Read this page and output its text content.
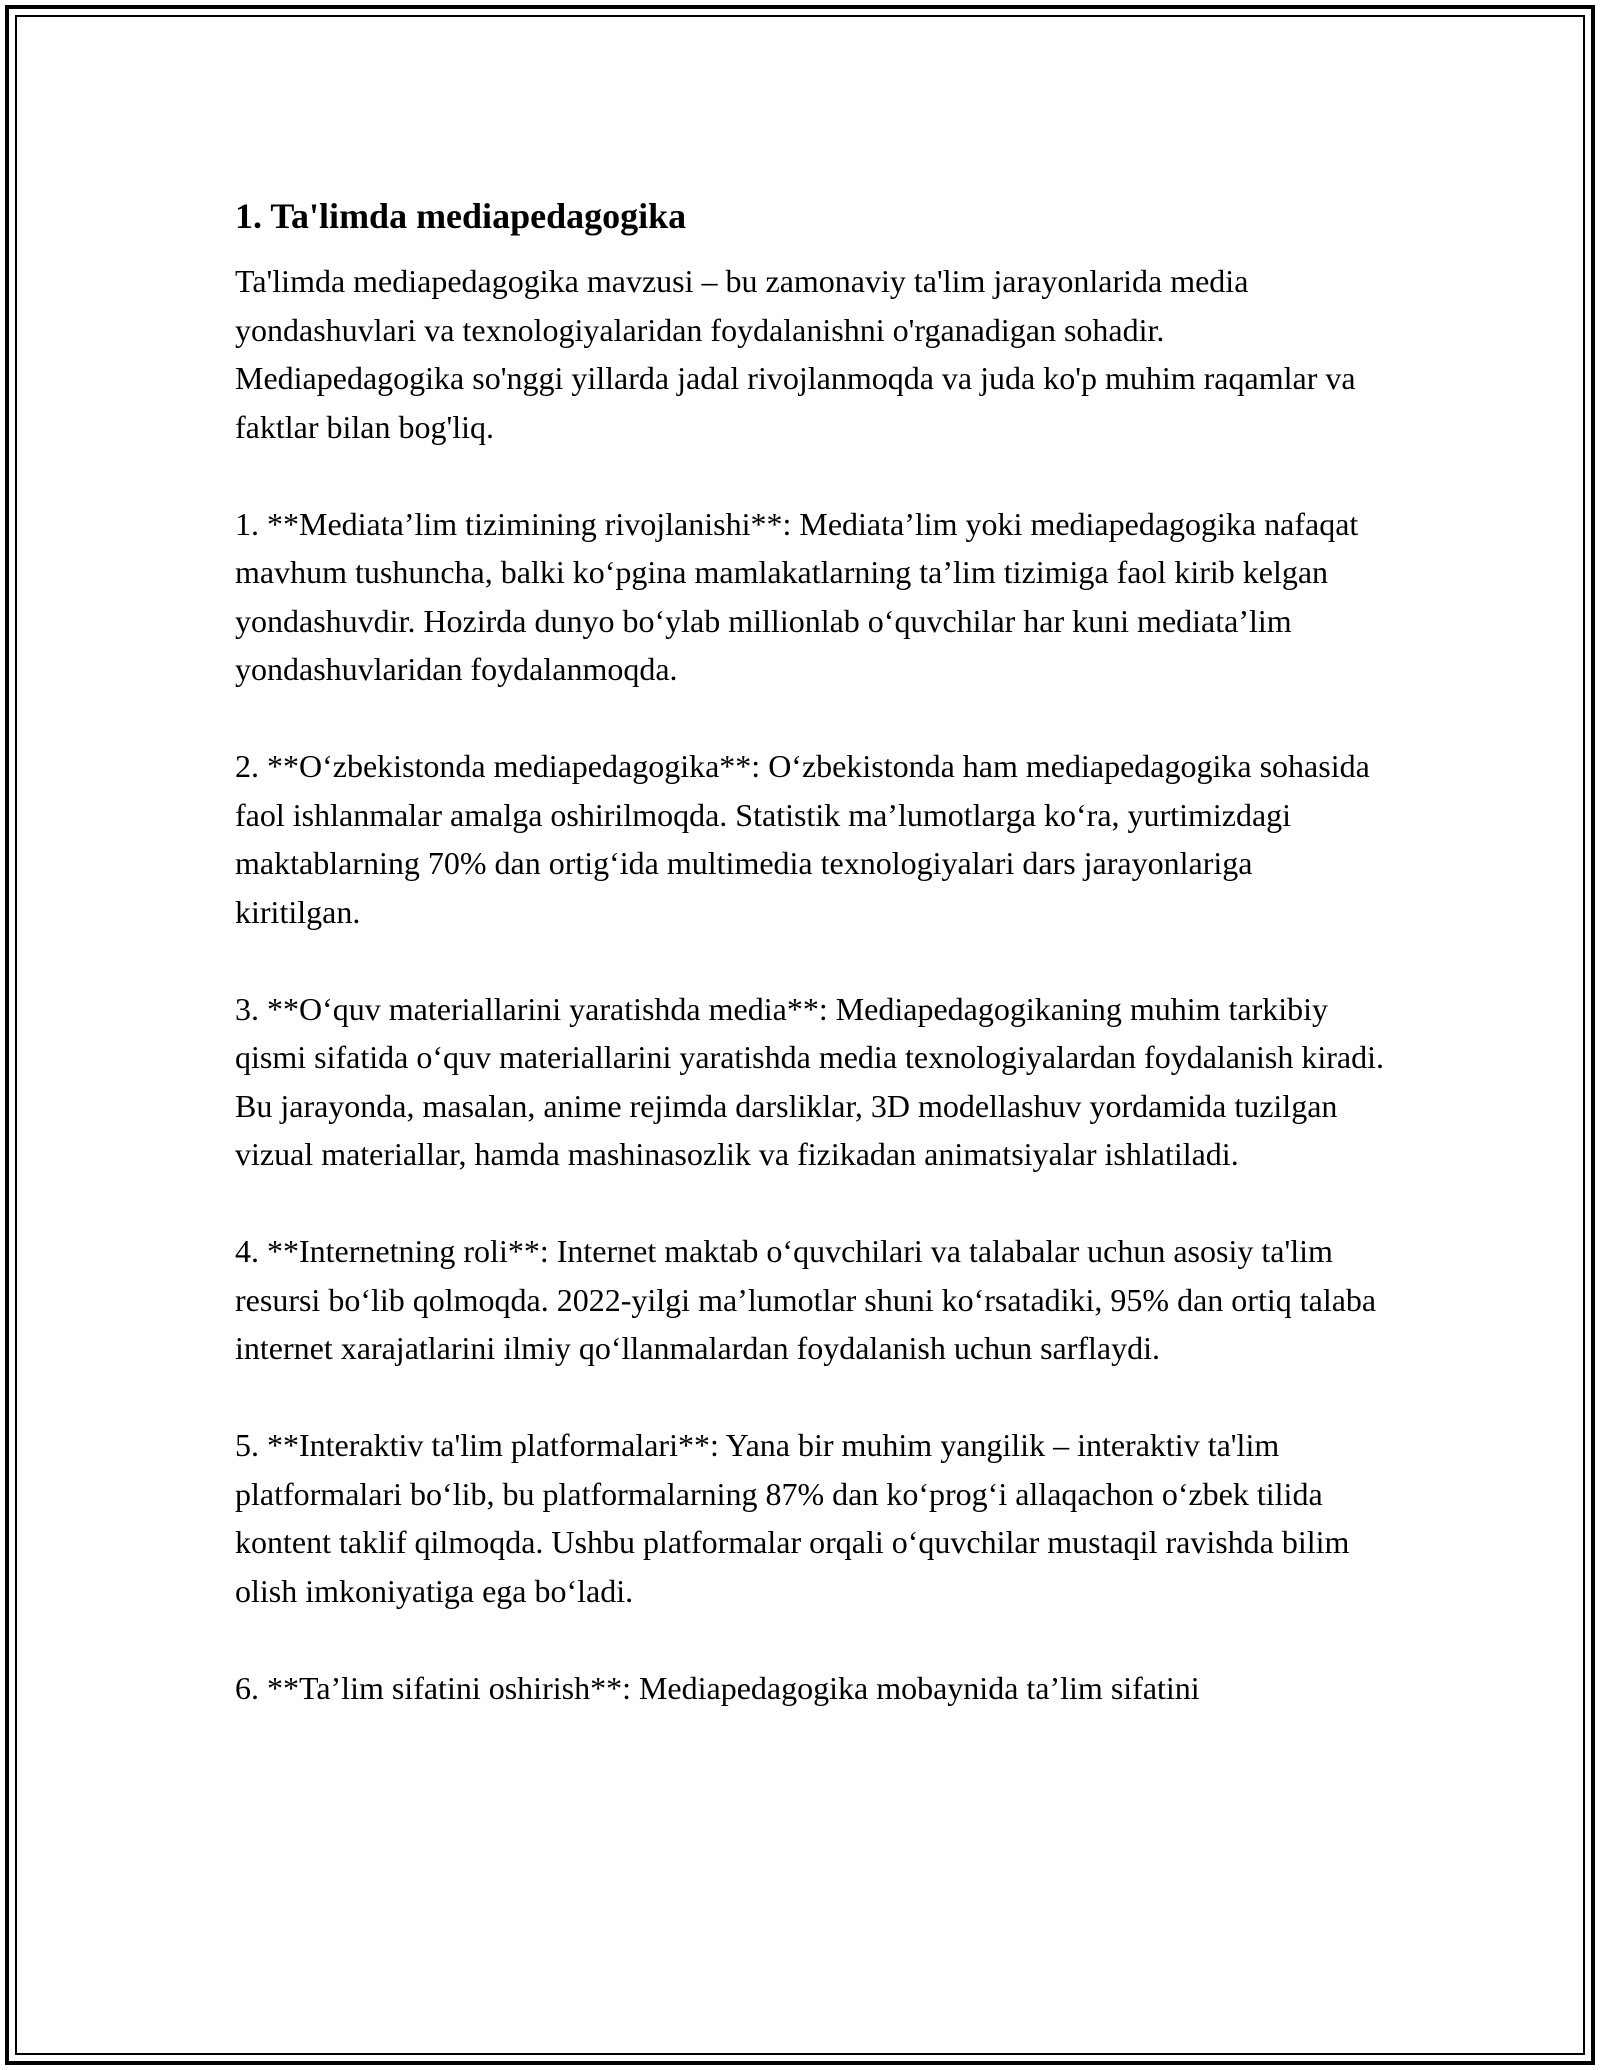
1. Ta'limda mediapedagogika

Ta'limda mediapedagogika mavzusi – bu zamonaviy ta'lim jarayonlarida media yondashuvlari va texnologiyalaridan foydalanishni o'rganadigan sohadir. Mediapedagogika so'nggi yillarda jadal rivojlanmoqda va juda ko'p muhim raqamlar va faktlar bilan bog'liq.

1. **Mediata’lim tizimining rivojlanishi**: Mediata’lim yoki mediapedagogika nafaqat mavhum tushuncha, balki ko‘pgina mamlakatlarning ta’lim tizimiga faol kirib kelgan yondashuvdir. Hozirda dunyo bo‘ylab millionlab o‘quvchilar har kuni mediata’lim yondashuvlaridan foydalanmoqda.

2. **O‘zbekistonda mediapedagogika**: O‘zbekistonda ham mediapedagogika sohasida faol ishlanmalar amalga oshirilmoqda. Statistik ma’lumotlarga ko‘ra, yurtimizdagi maktablarning 70% dan ortig‘ida multimedia texnologiyalari dars jarayonlariga kiritilgan.

3. **O‘quv materiallarini yaratishda media**: Mediapedagogikaning muhim tarkibiy qismi sifatida o‘quv materiallarini yaratishda media texnologiyalardan foydalanish kiradi. Bu jarayonda, masalan, anime rejimda darsliklar, 3D modellashuv yordamida tuzilgan vizual materiallar, hamda mashinasozlik va fizikadan animatsiyalar ishlatiladi.

4. **Internetning roli**: Internet maktab o‘quvchilari va talabalar uchun asosiy ta'lim resursi bo‘lib qolmoqda. 2022-yilgi ma’lumotlar shuni ko‘rsatadiki, 95% dan ortiq talaba internet xarajatlarini ilmiy qo‘llanmalardan foydalanish uchun sarflaydi.

5. **Interaktiv ta'lim platformalari**: Yana bir muhim yangilik – interaktiv ta'lim platformalari bo‘lib, bu platformalarning 87% dan ko‘prog‘i allaqachon o‘zbek tilida kontent taklif qilmoqda. Ushbu platformalar orqali o‘quvchilar mustaqil ravishda bilim olish imkoniyatiga ega bo‘ladi.

6. **Ta’lim sifatini oshirish**: Mediapedagogika mobaynida ta’lim sifatini
